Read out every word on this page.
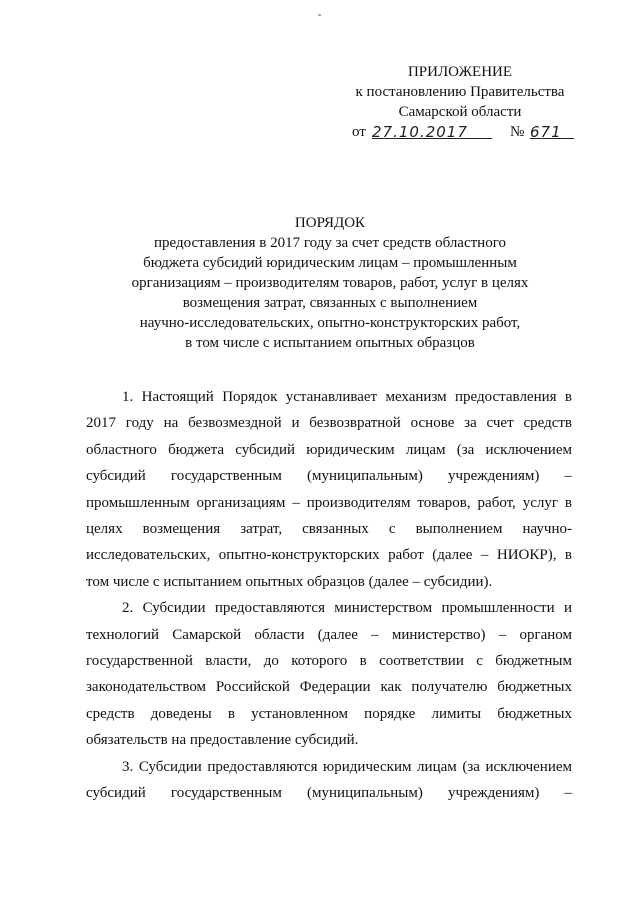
-
ПРИЛОЖЕНИЕ
к постановлению Правительства
Самарской области
от 27.10.2017	№ 671
ПОРЯДОК
предоставления в 2017 году за счет средств областного
бюджета субсидий юридическим лицам – промышленным
организациям – производителям товаров, работ, услуг в целях
возмещения затрат, связанных с выполнением
научно-исследовательских, опытно-конструкторских работ,
в том числе с испытанием опытных образцов
1. Настоящий Порядок устанавливает механизм предоставления в
2017 году на безвозмездной и безвозвратной основе за счет средств
областного бюджета субсидий юридическим лицам (за исключением
субсидий государственным (муниципальным) учреждениям) –
промышленным организациям – производителям товаров, работ, услуг в
целях возмещения затрат, связанных с выполнением научно-
исследовательских, опытно-конструкторских работ (далее – НИОКР), в
том числе с испытанием опытных образцов (далее – субсидии).
2. Субсидии предоставляются министерством промышленности и
технологий Самарской области (далее – министерство) – органом
государственной власти, до которого в соответствии с бюджетным
законодательством Российской Федерации как получателю бюджетных
средств доведены в установленном порядке лимиты бюджетных
обязательств на предоставление субсидий.
3. Субсидии предоставляются юридическим лицам (за исключением
субсидий государственным (муниципальным) учреждениям) –
